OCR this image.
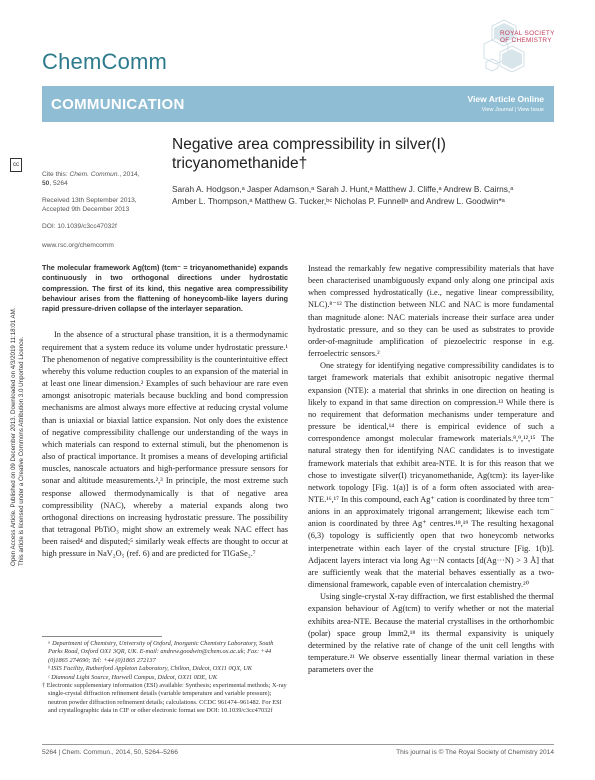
ChemComm
ROYAL SOCIETY
OF CHEMISTRY
COMMUNICATION	View Article Online
View Journal | View Issue
cc
Open Access Article. Published on 09 December 2013. Downloaded on 4/3/2019 11:18:01 AM. This article is licensed under a Creative Commons Attribution 3.0 Unported Licence.
Cite this: Chem. Commun., 2014,
50, 5264
Received 13th September 2013,
Accepted 9th December 2013
DOI: 10.1039/c3cc47032f
www.rsc.org/chemcomm
Negative area compressibility in silver(I) tricyanomethanide†
Sarah A. Hodgson,ᵃ Jasper Adamson,ᵃ Sarah J. Hunt,ᵃ Matthew J. Cliffe,ᵃ Andrew B. Cairns,ᵃ Amber L. Thompson,ᵃ Matthew G. Tucker,ᵇᶜ Nicholas P. Funnellᵃ and Andrew L. Goodwin*ᵃ
The molecular framework Ag(tcm) (tcm⁻ = tricyanomethanide) expands continuously in two orthogonal directions under hydrostatic compression. The first of its kind, this negative area compressibility behaviour arises from the flattening of honeycomb-like layers during rapid pressure-driven collapse of the interlayer separation.
In the absence of a structural phase transition, it is a thermodynamic requirement that a system reduce its volume under hydrostatic pressure.¹ The phenomenon of negative compressibility is the counterintuitive effect whereby this volume reduction couples to an expansion of the material in at least one linear dimension.² Examples of such behaviour are rare even amongst anisotropic materials because buckling and bond compression mechanisms are almost always more effective at reducing crystal volume than is uniaxial or biaxial lattice expansion. Not only does the existence of negative compressibility challenge our understanding of the ways in which materials can respond to external stimuli, but the phenomenon is also of practical importance. It promises a means of developing artificial muscles, nanoscale actuators and high-performance pressure sensors for sonar and altitude measurements.²,³ In principle, the most extreme such response allowed thermodynamically is that of negative area compressibility (NAC), whereby a material expands along two orthogonal directions on increasing hydrostatic pressure. The possibility that tetragonal PbTiO₃ might show an extremely weak NAC effect has been raised⁴ and disputed;⁵ similarly weak effects are thought to occur at high pressure in NaV₂O₅ (ref. 6) and are predicted for TlGaSe₂.⁷
Instead the remarkably few negative compressibility materials that have been characterised unambiguously expand only along one principal axis when compressed hydrostatically (i.e., negative linear compressibility, NLC).⁸⁻¹² The distinction between NLC and NAC is more fundamental than magnitude alone: NAC materials increase their surface area under hydrostatic pressure, and so they can be used as substrates to provide order-of-magnitude amplification of piezoelectric response in e.g. ferroelectric sensors.²
One strategy for identifying negative compressibility candidates is to target framework materials that exhibit anisotropic negative thermal expansion (NTE): a material that shrinks in one direction on heating is likely to expand in that same direction on compression.¹³ While there is no requirement that deformation mechanisms under temperature and pressure be identical,¹⁴ there is empirical evidence of such a correspondence amongst molecular framework materials.⁸,⁹,¹²,¹⁵ The natural strategy then for identifying NAC candidates is to investigate framework materials that exhibit area-NTE. It is for this reason that we chose to investigate silver(I) tricyanomethanide, Ag(tcm): its layer-like network topology [Fig. 1(a)] is of a form often associated with area-NTE.¹⁶,¹⁷ In this compound, each Ag⁺ cation is coordinated by three tcm⁻ anions in an approximately trigonal arrangement; likewise each tcm⁻ anion is coordinated by three Ag⁺ centres.¹⁸,¹⁹ The resulting hexagonal (6,3) topology is sufficiently open that two honeycomb networks interpenetrate within each layer of the crystal structure [Fig. 1(b)]. Adjacent layers interact via long Ag···N contacts [d(Ag···N) > 3 Å] that are sufficiently weak that the material behaves essentially as a two-dimensional framework, capable even of intercalation chemistry.²⁰
Using single-crystal X-ray diffraction, we first established the thermal expansion behaviour of Ag(tcm) to verify whether or not the material exhibits area-NTE. Because the material crystallises in the orthorhombic (polar) space group Imm2,¹⁸ its thermal expansivity is uniquely determined by the relative rate of change of the unit cell lengths with temperature.²¹ We observe essentially linear thermal variation in these parameters over the
ᵃ Department of Chemistry, University of Oxford, Inorganic Chemistry Laboratory, South Parks Road, Oxford OX1 3QR, UK. E-mail: andrew.goodwin@chem.ox.ac.uk; Fax: +44 (0)1865 274690; Tel: +44 (0)1865 272137
ᵇ ISIS Facility, Rutherford Appleton Laboratory, Chilton, Didcot, OX11 0QX, UK
ᶜ Diamond Light Source, Harwell Campus, Didcot, OX11 0DE, UK
† Electronic supplementary information (ESI) available: Synthesis; experimental methods; X-ray single-crystal diffraction refinement details (variable temperature and variable pressure); neutron powder diffraction refinement details; calculations. CCDC 961474–961482. For ESI and crystallographic data in CIF or other electronic format see DOI: 10.1039/c3cc47032f
5264 | Chem. Commun., 2014, 50, 5264–5266	This journal is © The Royal Society of Chemistry 2014
